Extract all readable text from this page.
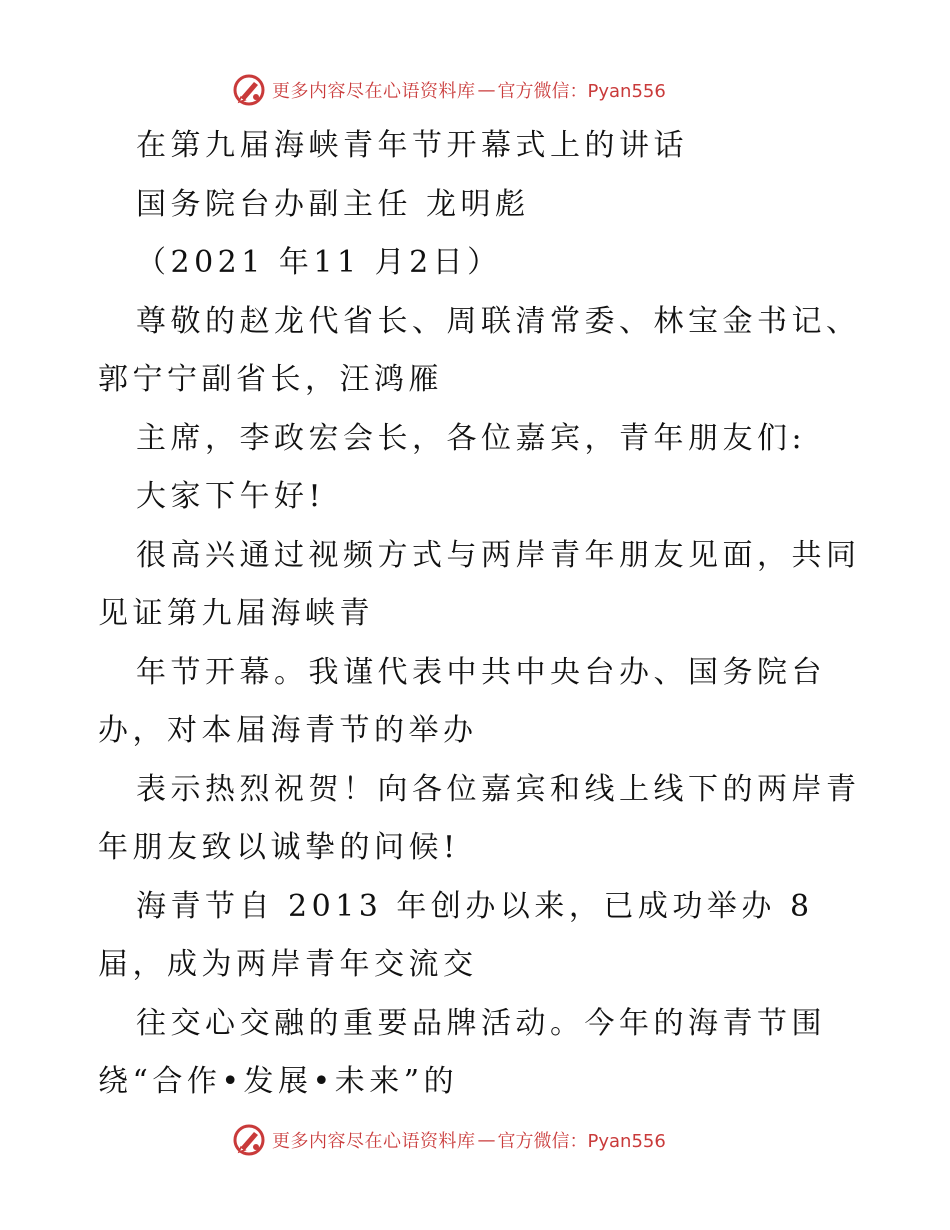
更多内容尽在心语资料库 — 官方微信：Pyan556
在第九届海峡青年节开幕式上的讲话
国务院台办副主任 龙明彪
（2021 年11 月2日）
尊敬的赵龙代省长、周联清常委、林宝金书记、
郭宁宁副省长，汪鸿雁
主席，李政宏会长，各位嘉宾，青年朋友们:
大家下午好!
很高兴通过视频方式与两岸青年朋友见面，共同
见证第九届海峡青
年节开幕。我谨代表中共中央台办、国务院台
办，对本届海青节的举办
表示热烈祝贺！向各位嘉宾和线上线下的两岸青
年朋友致以诚挚的问候!
海青节自 2013 年创办以来，已成功举办 8
届，成为两岸青年交流交
往交心交融的重要品牌活动。今年的海青节围
绕“合作•发展•未来”的
更多内容尽在心语资料库 — 官方微信：Pyan556
